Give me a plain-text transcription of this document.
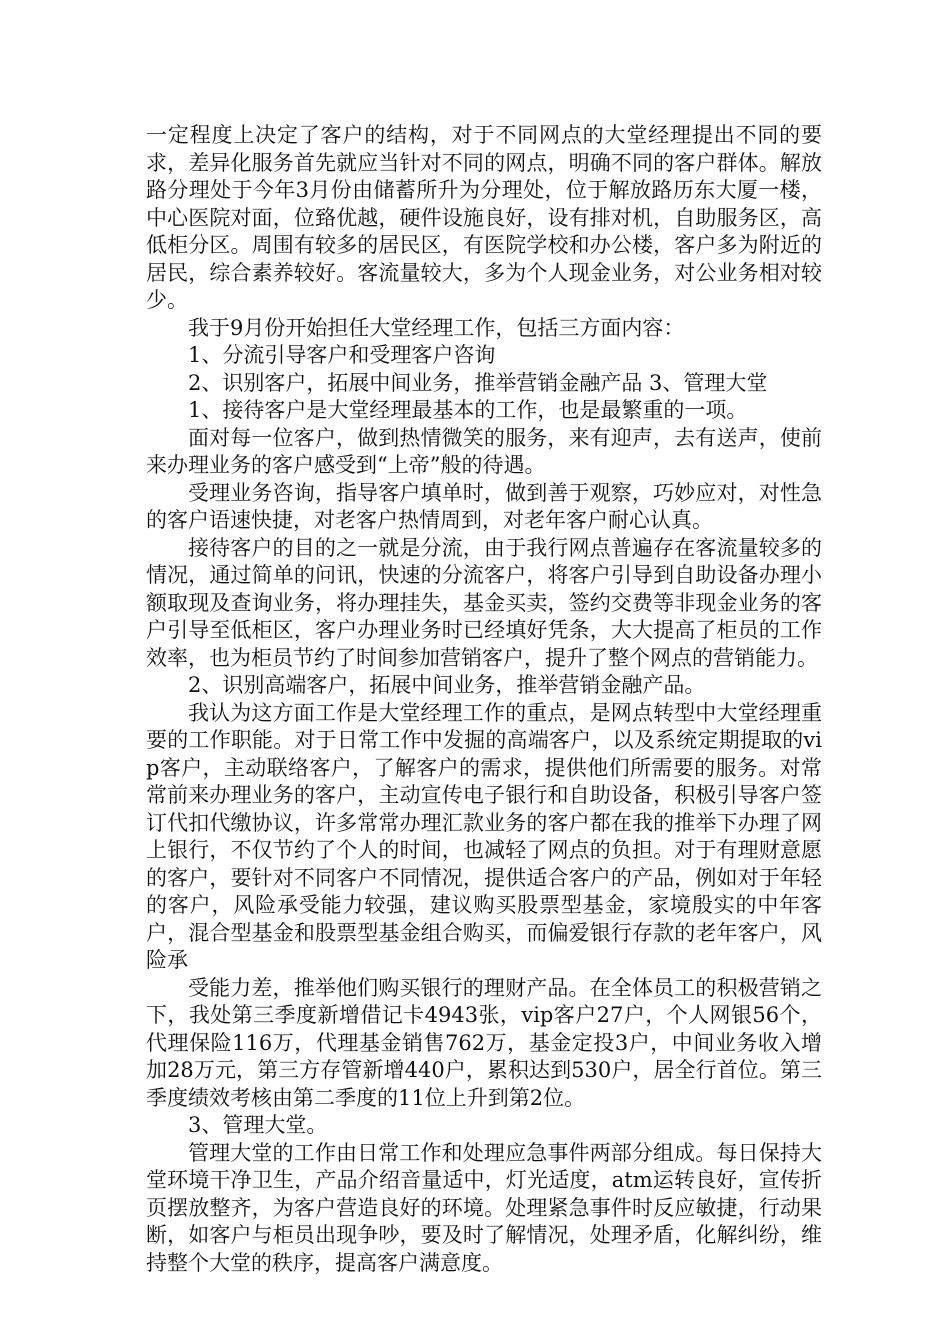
一定程度上决定了客户的结构，对于不同网点的大堂经理提出不同的要求，差异化服务首先就应当针对不同的网点，明确不同的客户群体。解放路分理处于今年3月份由储蓄所升为分理处，位于解放路历东大厦一楼，中心医院对面，位臵优越，硬件设施良好，设有排对机，自助服务区，高低柜分区。周围有较多的居民区，有医院学校和办公楼，客户多为附近的居民，综合素养较好。客流量较大，多为个人现金业务，对公业务相对较少。

我于9月份开始担任大堂经理工作，包括三方面内容：

1、分流引导客户和受理客户咨询

2、识别客户，拓展中间业务，推举营销金融产品 3、管理大堂

1、接待客户是大堂经理最基本的工作，也是最繁重的一项。

面对每一位客户，做到热情微笑的服务，来有迎声，去有送声，使前来办理业务的客户感受到“上帝”般的待遇。

受理业务咨询，指导客户填单时，做到善于观察，巧妙应对，对性急的客户语速快捷，对老客户热情周到，对老年客户耐心认真。

接待客户的目的之一就是分流，由于我行网点普遍存在客流量较多的情况，通过简单的问讯，快速的分流客户，将客户引导到自助设备办理小额取现及查询业务，将办理挂失，基金买卖，签约交费等非现金业务的客户引导至低柜区，客户办理业务时已经填好凭条，大大提高了柜员的工作效率，也为柜员节约了时间参加营销客户，提升了整个网点的营销能力。

2、识别高端客户，拓展中间业务，推举营销金融产品。

我认为这方面工作是大堂经理工作的重点，是网点转型中大堂经理重要的工作职能。对于日常工作中发掘的高端客户，以及系统定期提取的vip客户，主动联络客户，了解客户的需求，提供他们所需要的服务。对常常前来办理业务的客户，主动宣传电子银行和自助设备，积极引导客户签订代扣代缴协议，许多常常办理汇款业务的客户都在我的推举下办理了网上银行，不仅节约了个人的时间，也减轻了网点的负担。对于有理财意愿的客户，要针对不同客户不同情况，提供适合客户的产品，例如对于年轻的客户，风险承受能力较强，建议购买股票型基金，家境殷实的中年客户，混合型基金和股票型基金组合购买，而偏爱银行存款的老年客户，风险承

受能力差，推举他们购买银行的理财产品。在全体员工的积极营销之下，我处第三季度新增借记卡4943张，vip客户27户，个人网银56个，代理保险116万，代理基金销售762万，基金定投3户，中间业务收入增加28万元，第三方存管新增440户，累积达到530户，居全行首位。第三季度绩效考核由第二季度的11位上升到第2位。

3、管理大堂。

管理大堂的工作由日常工作和处理应急事件两部分组成。每日保持大堂环境干净卫生，产品介绍音量适中，灯光适度，atm运转良好，宣传折页摆放整齐，为客户营造良好的环境。处理紧急事件时反应敏捷，行动果断，如客户与柜员出现争吵，要及时了解情况，处理矛盾，化解纠纷，维持整个大堂的秩序，提高客户满意度。
